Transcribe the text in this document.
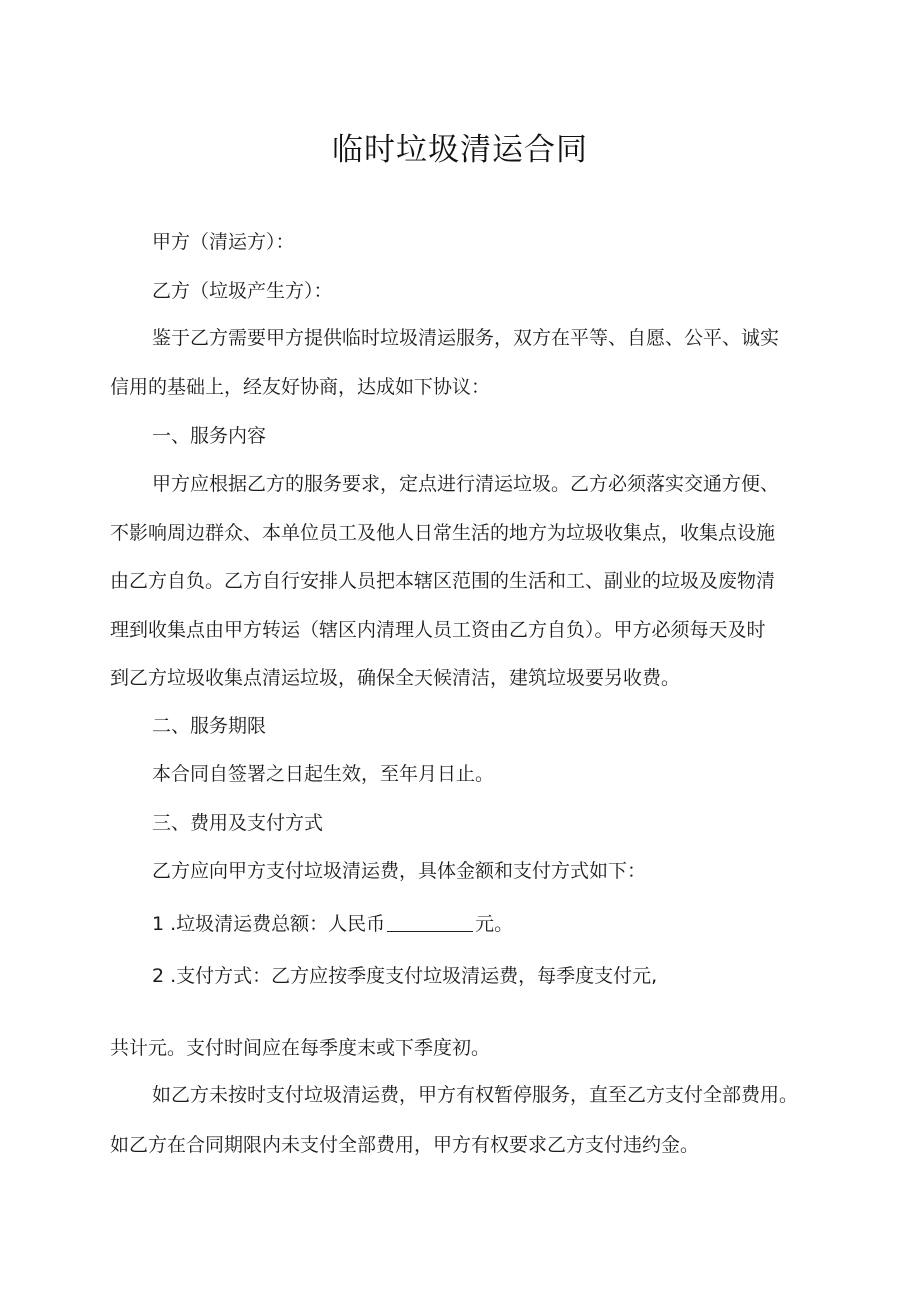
临时垃圾清运合同

甲方（清运方）：

乙方（垃圾产生方）：

鉴于乙方需要甲方提供临时垃圾清运服务，双方在平等、自愿、公平、诚实

信用的基础上，经友好协商，达成如下协议：

一、服务内容

甲方应根据乙方的服务要求，定点进行清运垃圾。乙方必须落实交通方便、

不影响周边群众、本单位员工及他人日常生活的地方为垃圾收集点，收集点设施

由乙方自负。乙方自行安排人员把本辖区范围的生活和工、副业的垃圾及废物清

理到收集点由甲方转运（辖区内清理人员工资由乙方自负）。甲方必须每天及时

到乙方垃圾收集点清运垃圾，确保全天候清洁，建筑垃圾要另收费。

二、服务期限

本合同自签署之日起生效，至年月日止。

三、费用及支付方式

乙方应向甲方支付垃圾清运费，具体金额和支付方式如下：

1 .垃圾清运费总额：人民币	元。

2 .支付方式：乙方应按季度支付垃圾清运费，每季度支付元,

共计元。支付时间应在每季度末或下季度初。

如乙方未按时支付垃圾清运费，甲方有权暂停服务，直至乙方支付全部费用。

如乙方在合同期限内未支付全部费用，甲方有权要求乙方支付违约金。
